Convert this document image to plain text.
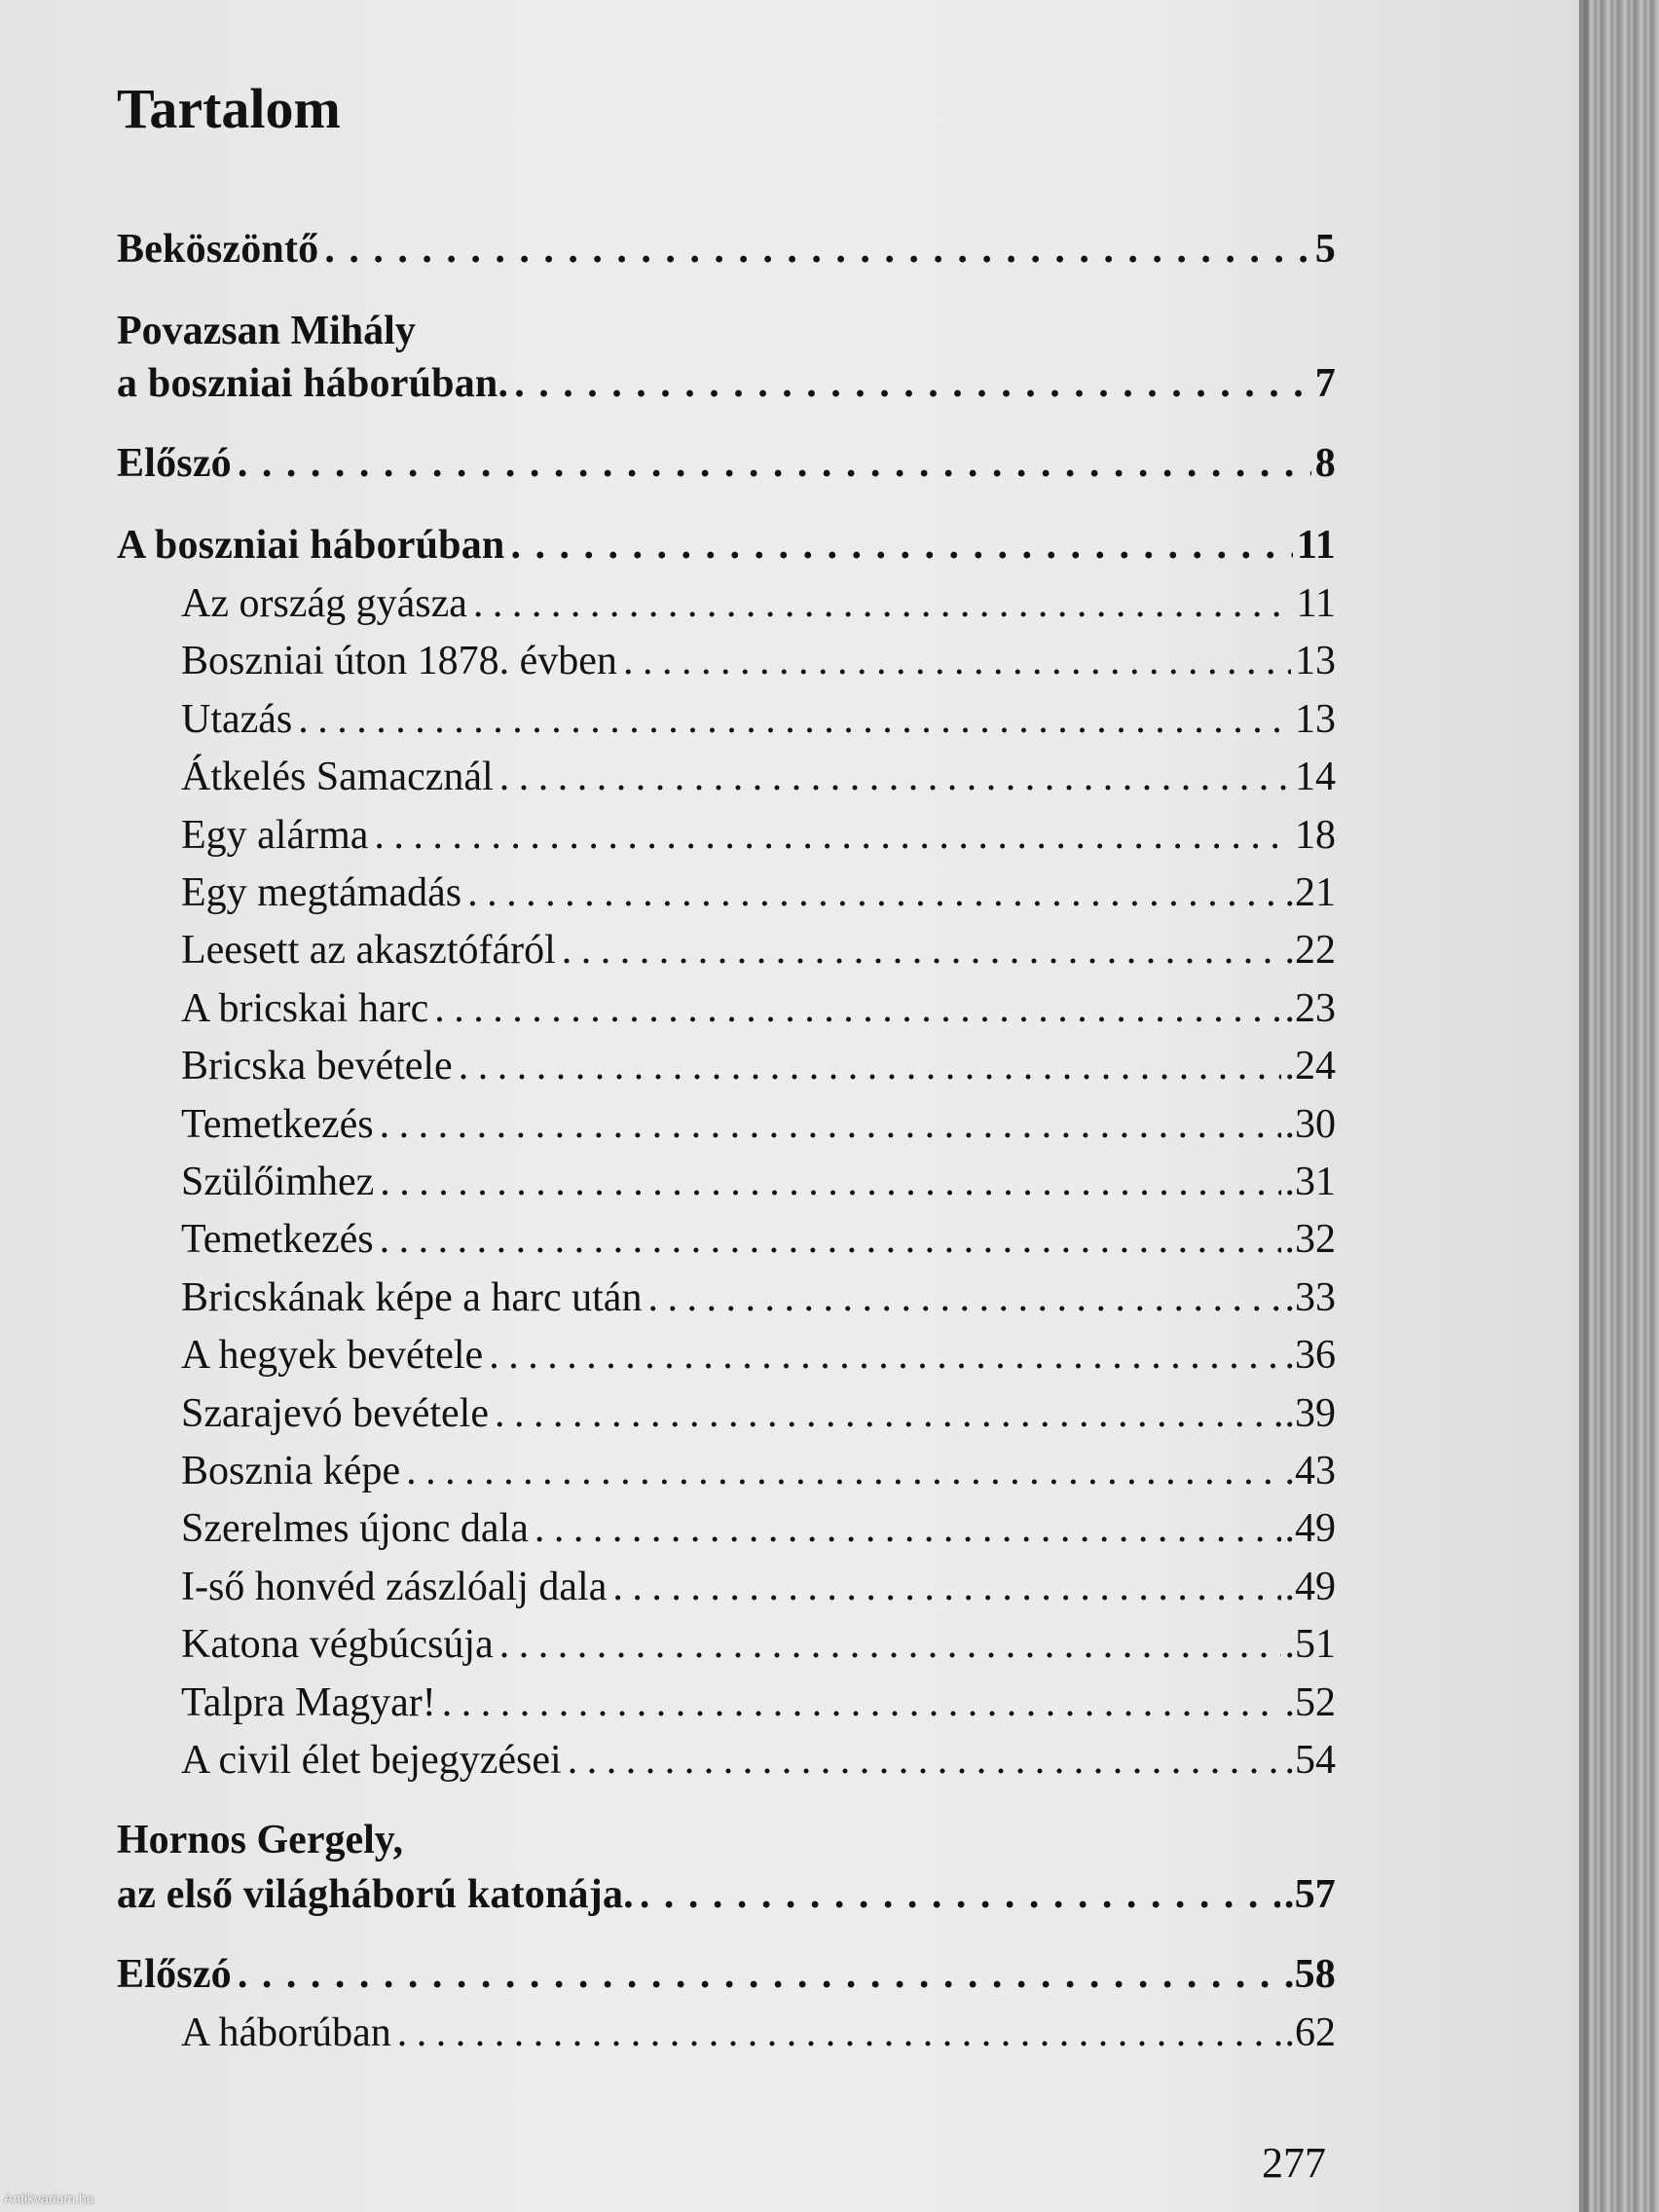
Tartalom
Beköszöntő . . .	5
Povazsan Mihály
a boszniai háborúban. . . .	7
Előszó . . .	8
A boszniai háborúban . . .	11
Az ország gyásza . . .	11
Boszniai úton 1878. évben . . .	13
Utazás . . .	13
Átkelés Samacznál . . .	14
Egy alárma . . .	18
Egy megtámadás . . .	.21
Leesett az akasztófáról . . .	.22
A bricskai harc . . .	.23
Bricska bevétele . . .	.24
Temetkezés . . .	.30
Szülőimhez . . .	.31
Temetkezés . . .	.32
Bricskának képe a harc után . . .	.33
A hegyek bevétele . . .	.36
Szarajevó bevétele . . .	.39
Bosznia képe . . .	.43
Szerelmes újonc dala . . .	.49
I-ső honvéd zászlóalj dala . . .	.49
Katona végbúcsúja . . .	.51
Talpra Magyar! . . .	.52
A civil élet bejegyzései . . .	.54
Hornos Gergely,
az első világháború katonája. . . .	.57
Előszó . . .	.58
A háborúban . . .	.62
277
Antikvarium.hu
